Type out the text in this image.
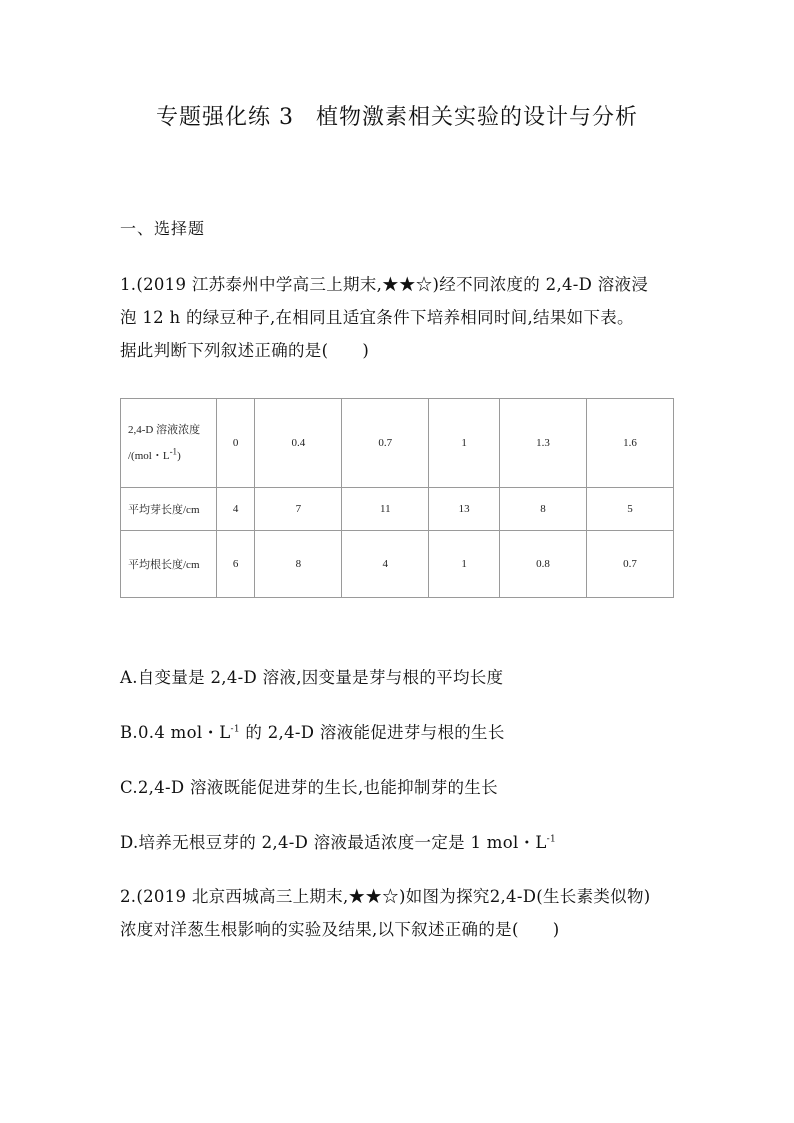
专题强化练 3 植物激素相关实验的设计与分析
一、选择题
1.(2019 江苏泰州中学高三上期末,★★☆)经不同浓度的 2,4-D 溶液浸
泡 12 h 的绿豆种子,在相同且适宜条件下培养相同时间,结果如下表。
据此判断下列叙述正确的是( )
2,4-D 溶液浓度
/(mol・$L^{-1}$)	0	0.4	0.7	1	1.3	1.6
平均芽长度/cm	4	7	11	13	8	5
平均根长度/cm	6	8	4	1	0.8	0.7
A.自变量是 2,4-D 溶液,因变量是芽与根的平均长度
B.0.4 mol・$L^{-1}$ 的 2,4-D 溶液能促进芽与根的生长
C.2,4-D 溶液既能促进芽的生长,也能抑制芽的生长
D.培养无根豆芽的 2,4-D 溶液最适浓度一定是 1 mol・$L^{-1}$
2.(2019 北京西城高三上期末,★★☆)如图为探究2,4-D(生长素类似物)
浓度对洋葱生根影响的实验及结果,以下叙述正确的是( )
